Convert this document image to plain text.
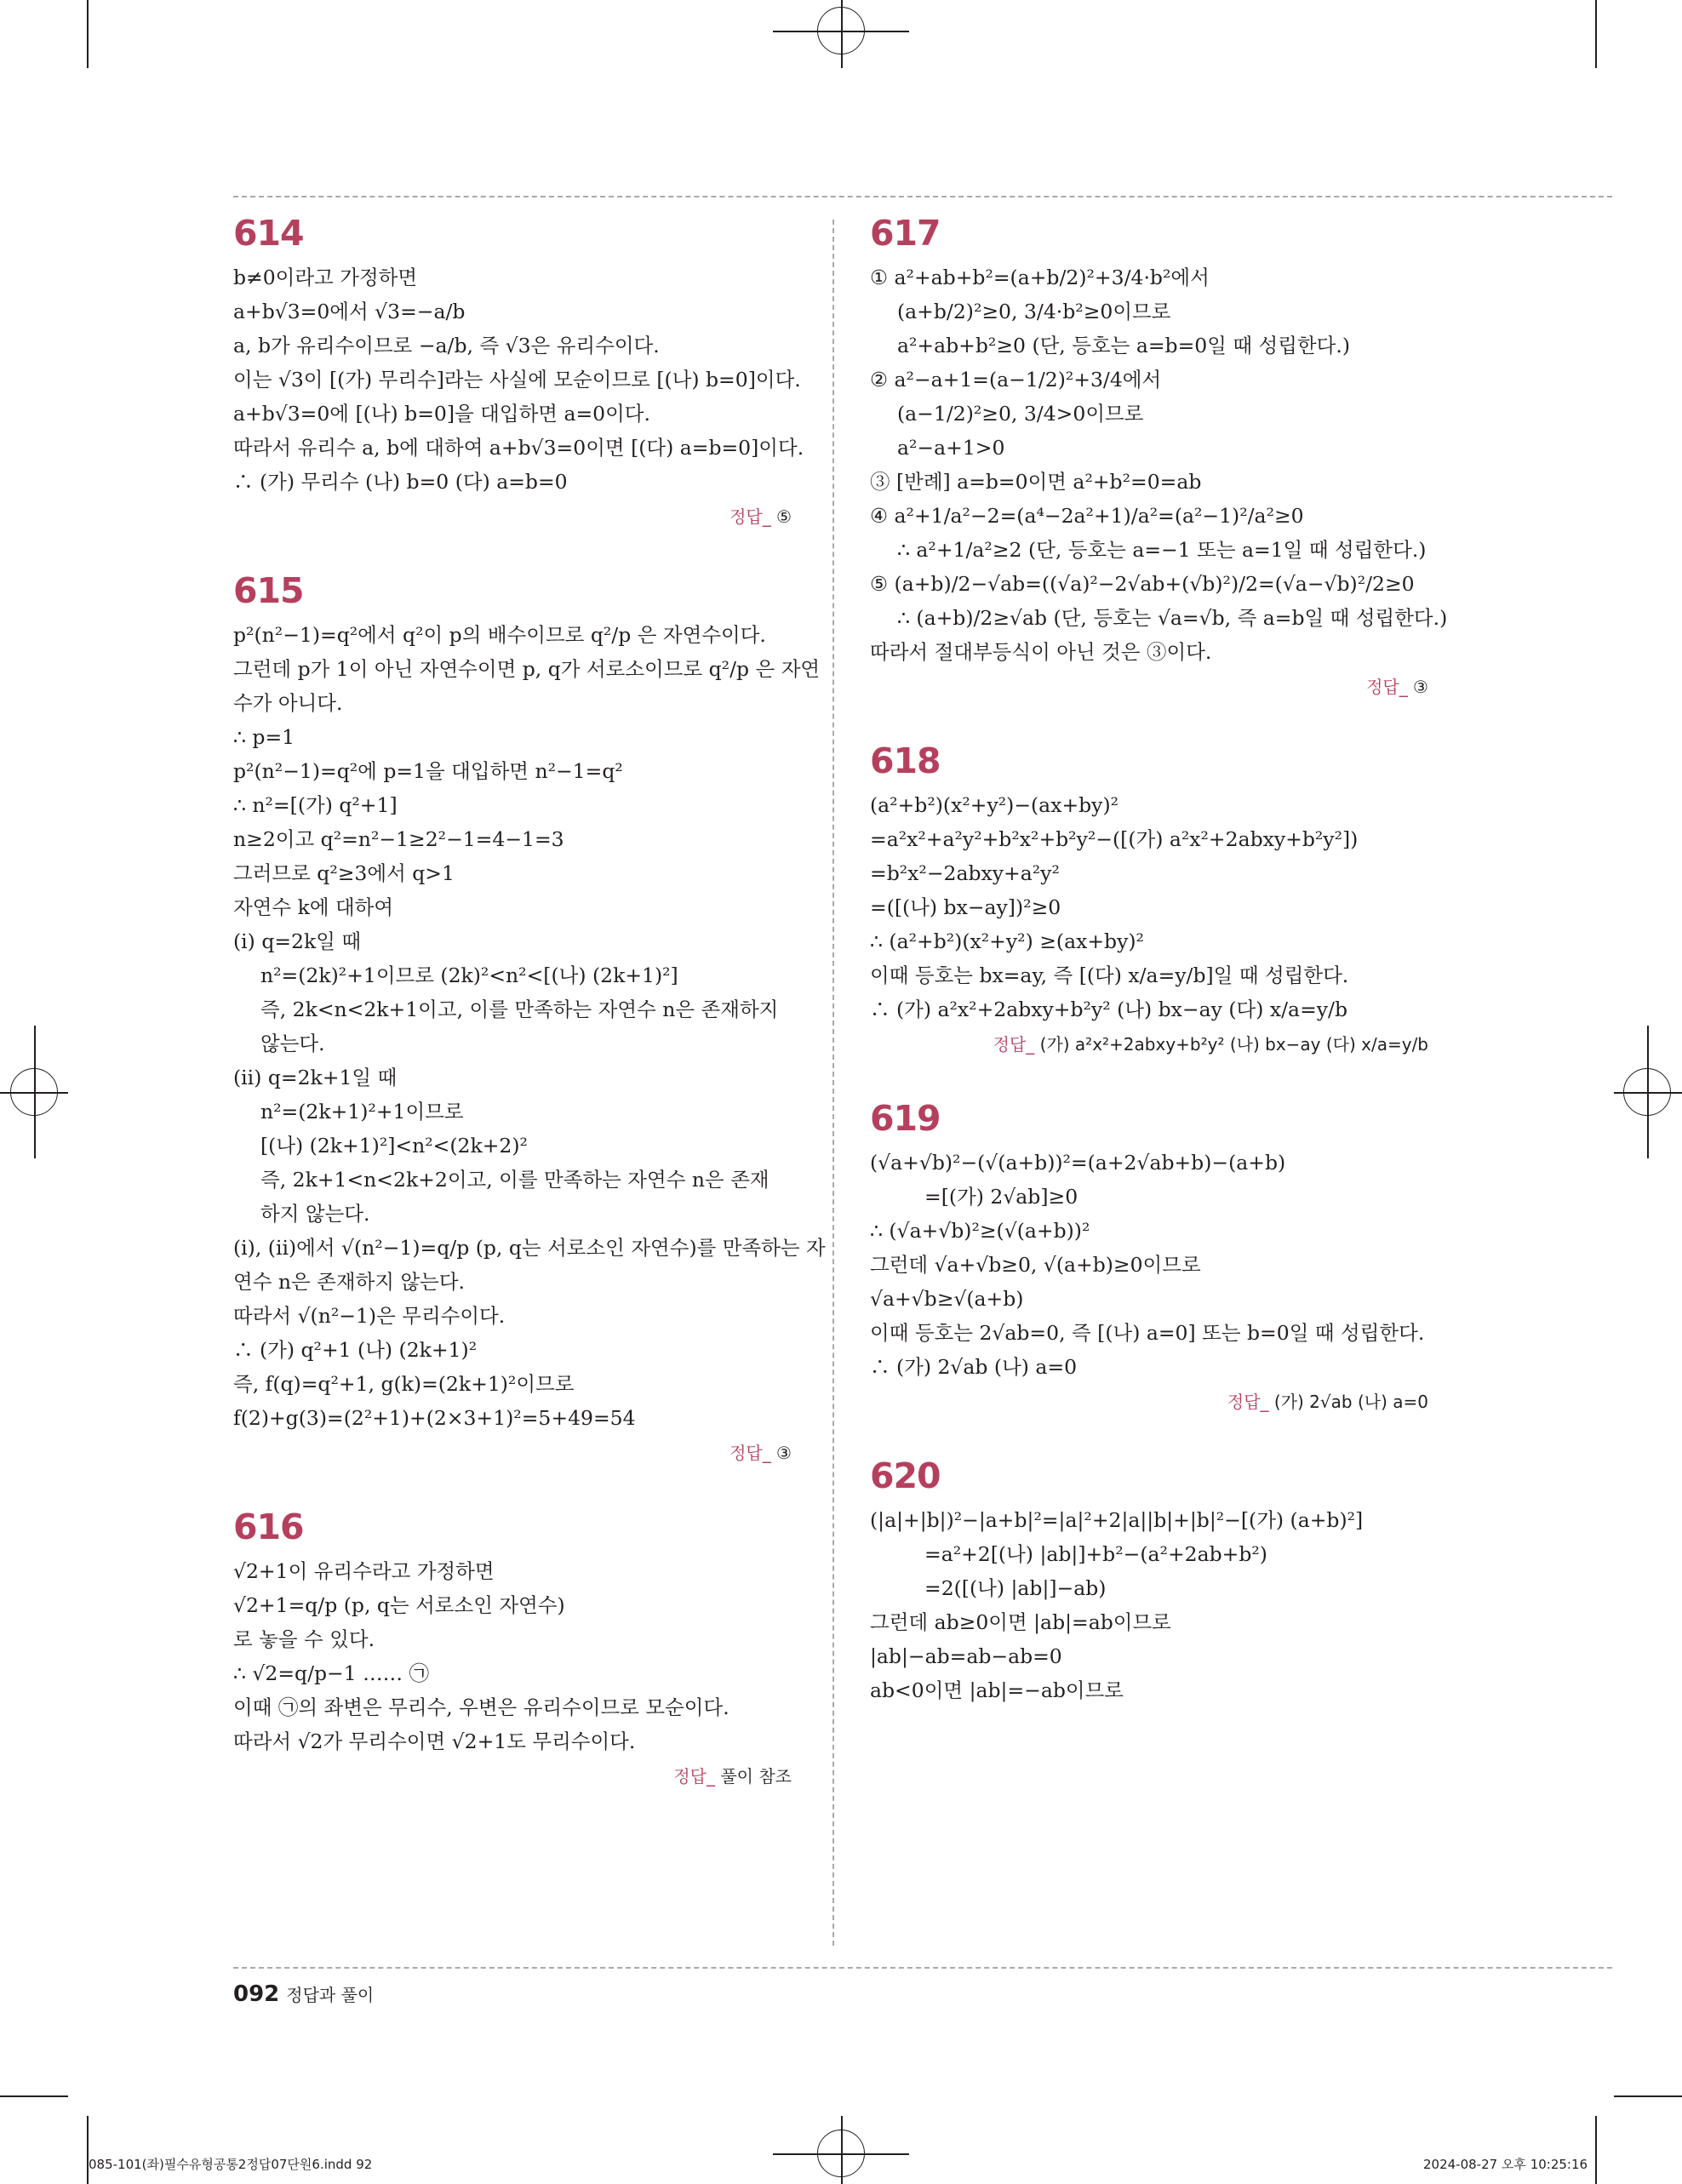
614
b≠0이라고 가정하면
a+b√3=0에서 √3=−a/b
a, b가 유리수이므로 −a/b, 즉 √3은 유리수이다.
이는 √3이 [(가) 무리수]라는 사실에 모순이므로 [(나) b=0]이다.
a+b√3=0에 [(나) b=0]을 대입하면 a=0이다.
따라서 유리수 a, b에 대하여 a+b√3=0이면 [(다) a=b=0]이다.
∴ (가) 무리수 (나) b=0 (다) a=b=0
정답_ ⑤
615
p²(n²−1)=q²에서 q²이 p의 배수이므로 q²/p 은 자연수이다.
그런데 p가 1이 아닌 자연수이면 p, q가 서로소이므로 q²/p 은 자연
수가 아니다.
∴ p=1
p²(n²−1)=q²에 p=1을 대입하면 n²−1=q²
∴ n²=[(가) q²+1]
n≥2이고 q²=n²−1≥2²−1=4−1=3
그러므로 q²≥3에서 q>1
자연수 k에 대하여
(ⅰ) q=2k일 때
n²=(2k)²+1이므로 (2k)²<n²<[(나) (2k+1)²]
즉, 2k<n<2k+1이고, 이를 만족하는 자연수 n은 존재하지
않는다.
(ⅱ) q=2k+1일 때
n²=(2k+1)²+1이므로
[(나) (2k+1)²]<n²<(2k+2)²
즉, 2k+1<n<2k+2이고, 이를 만족하는 자연수 n은 존재
하지 않는다.
(ⅰ), (ⅱ)에서 √(n²−1)=q/p (p, q는 서로소인 자연수)를 만족하는 자
연수 n은 존재하지 않는다.
따라서 √(n²−1)은 무리수이다.
∴ (가) q²+1 (나) (2k+1)²
즉, f(q)=q²+1, g(k)=(2k+1)²이므로
f(2)+g(3)=(2²+1)+(2×3+1)²=5+49=54
정답_ ③
616
√2+1이 유리수라고 가정하면
√2+1=q/p (p, q는 서로소인 자연수)
로 놓을 수 있다.
∴ √2=q/p−1 …… ㉠
이때 ㉠의 좌변은 무리수, 우변은 유리수이므로 모순이다.
따라서 √2가 무리수이면 √2+1도 무리수이다.
정답_ 풀이 참조
617
① a²+ab+b²=(a+b/2)²+3/4·b²에서
(a+b/2)²≥0, 3/4·b²≥0이므로
a²+ab+b²≥0 (단, 등호는 a=b=0일 때 성립한다.)
② a²−a+1=(a−1/2)²+3/4에서
(a−1/2)²≥0, 3/4>0이므로
a²−a+1>0
③ [반례] a=b=0이면 a²+b²=0=ab
④ a²+1/a²−2=(a⁴−2a²+1)/a²=(a²−1)²/a²≥0
∴ a²+1/a²≥2 (단, 등호는 a=−1 또는 a=1일 때 성립한다.)
⑤ (a+b)/2−√ab=((√a)²−2√ab+(√b)²)/2=(√a−√b)²/2≥0
∴ (a+b)/2≥√ab (단, 등호는 √a=√b, 즉 a=b일 때 성립한다.)
따라서 절대부등식이 아닌 것은 ③이다.
정답_ ③
618
(a²+b²)(x²+y²)−(ax+by)²
=a²x²+a²y²+b²x²+b²y²−([(가) a²x²+2abxy+b²y²])
=b²x²−2abxy+a²y²
=([(나) bx−ay])²≥0
∴ (a²+b²)(x²+y²) ≥(ax+by)²
이때 등호는 bx=ay, 즉 [(다) x/a=y/b]일 때 성립한다.
∴ (가) a²x²+2abxy+b²y² (나) bx−ay (다) x/a=y/b
정답_ (가) a²x²+2abxy+b²y² (나) bx−ay (다) x/a=y/b
619
(√a+√b)²−(√(a+b))²=(a+2√ab+b)−(a+b)
=[(가) 2√ab]≥0
∴ (√a+√b)²≥(√(a+b))²
그런데 √a+√b≥0, √(a+b)≥0이므로
√a+√b≥√(a+b)
이때 등호는 2√ab=0, 즉 [(나) a=0] 또는 b=0일 때 성립한다.
∴ (가) 2√ab (나) a=0
정답_ (가) 2√ab (나) a=0
620
(|a|+|b|)²−|a+b|²=|a|²+2|a||b|+|b|²−[(가) (a+b)²]
=a²+2[(나) |ab|]+b²−(a²+2ab+b²)
=2([(나) |ab|]−ab)
그런데 ab≥0이면 |ab|=ab이므로
|ab|−ab=ab−ab=0
ab<0이면 |ab|=−ab이므로
092 정답과 풀이
085-101(좌)필수유형공통2정답07단원6.indd 92	2024-08-27 오후 10:25:16
